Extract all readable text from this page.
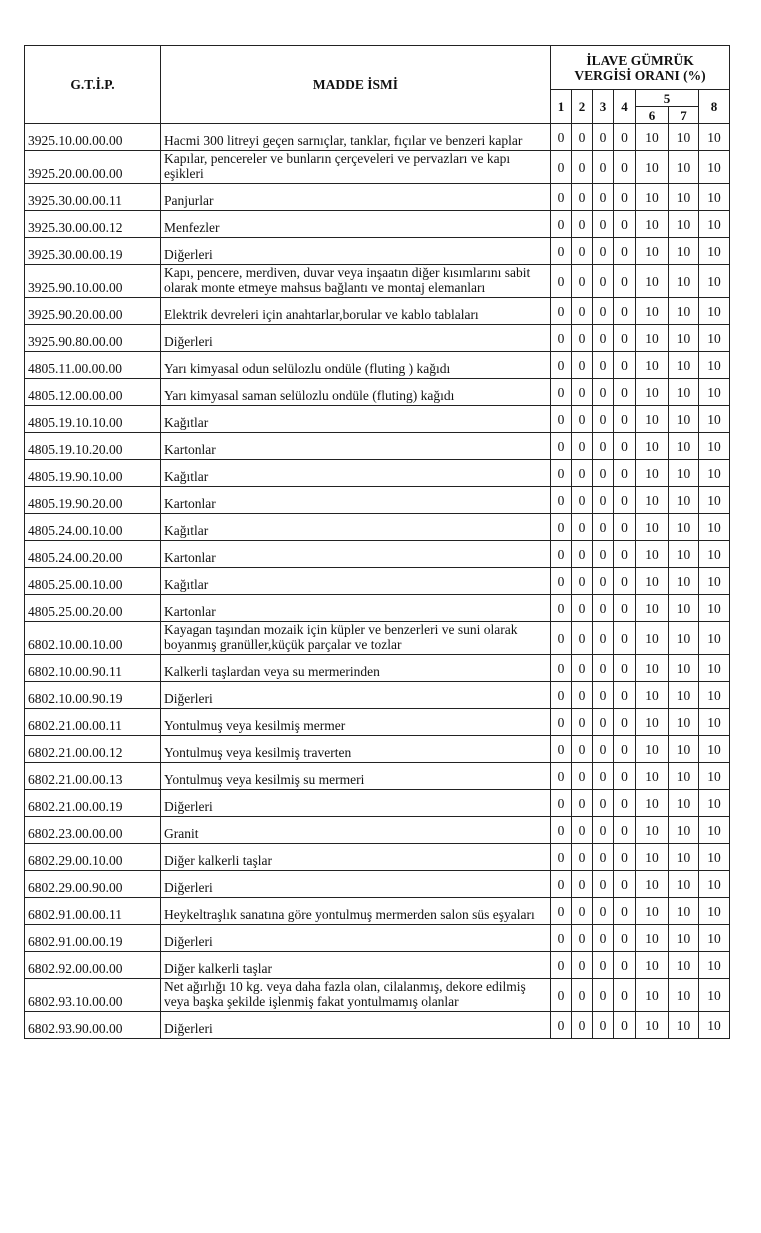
G.T.İ.P.	MADDE İSMİ	İLAVE GÜMRÜK
VERGİSİ ORANI (%)						

		1	2	3	4	5		8
						6	7	
3925.10.00.00.00	Hacmi 300 litreyi geçen sarnıçlar, tanklar, fıçılar ve benzeri kaplar	0	0	0	0	10	10	10
3925.20.00.00.00	Kapılar, pencereler ve bunların çerçeveleri ve pervazları ve kapı eşikleri	0	0	0	0	10	10	10
3925.30.00.00.11	Panjurlar	0	0	0	0	10	10	10
3925.30.00.00.12	Menfezler	0	0	0	0	10	10	10
3925.30.00.00.19	Diğerleri	0	0	0	0	10	10	10
3925.90.10.00.00	Kapı, pencere, merdiven, duvar veya inşaatın diğer kısımlarını sabit olarak monte etmeye mahsus bağlantı ve montaj elemanları	0	0	0	0	10	10	10
3925.90.20.00.00	Elektrik devreleri için anahtarlar,borular ve kablo tablaları	0	0	0	0	10	10	10
3925.90.80.00.00	Diğerleri	0	0	0	0	10	10	10
4805.11.00.00.00	Yarı kimyasal odun selülozlu ondüle (fluting ) kağıdı	0	0	0	0	10	10	10
4805.12.00.00.00	Yarı kimyasal saman selülozlu ondüle (fluting) kağıdı	0	0	0	0	10	10	10
4805.19.10.10.00	Kağıtlar	0	0	0	0	10	10	10
4805.19.10.20.00	Kartonlar	0	0	0	0	10	10	10
4805.19.90.10.00	Kağıtlar	0	0	0	0	10	10	10
4805.19.90.20.00	Kartonlar	0	0	0	0	10	10	10
4805.24.00.10.00	Kağıtlar	0	0	0	0	10	10	10
4805.24.00.20.00	Kartonlar	0	0	0	0	10	10	10
4805.25.00.10.00	Kağıtlar	0	0	0	0	10	10	10
4805.25.00.20.00	Kartonlar	0	0	0	0	10	10	10
6802.10.00.10.00	Kayagan taşından mozaik için küpler ve benzerleri ve suni olarak boyanmış granüller,küçük parçalar ve tozlar	0	0	0	0	10	10	10
6802.10.00.90.11	Kalkerli taşlardan veya su mermerinden	0	0	0	0	10	10	10
6802.10.00.90.19	Diğerleri	0	0	0	0	10	10	10
6802.21.00.00.11	Yontulmuş veya kesilmiş mermer	0	0	0	0	10	10	10
6802.21.00.00.12	Yontulmuş veya kesilmiş traverten	0	0	0	0	10	10	10
6802.21.00.00.13	Yontulmuş veya kesilmiş su mermeri	0	0	0	0	10	10	10
6802.21.00.00.19	Diğerleri	0	0	0	0	10	10	10
6802.23.00.00.00	Granit	0	0	0	0	10	10	10
6802.29.00.10.00	Diğer kalkerli taşlar	0	0	0	0	10	10	10
6802.29.00.90.00	Diğerleri	0	0	0	0	10	10	10
6802.91.00.00.11	Heykeltraşlık sanatına göre yontulmuş mermerden salon süs eşyaları	0	0	0	0	10	10	10
6802.91.00.00.19	Diğerleri	0	0	0	0	10	10	10
6802.92.00.00.00	Diğer kalkerli taşlar	0	0	0	0	10	10	10
6802.93.10.00.00	Net ağırlığı 10 kg. veya daha fazla olan, cilalanmış, dekore edilmiş veya başka şekilde işlenmiş fakat yontulmamış olanlar	0	0	0	0	10	10	10
6802.93.90.00.00	Diğerleri	0	0	0	0	10	10	10
